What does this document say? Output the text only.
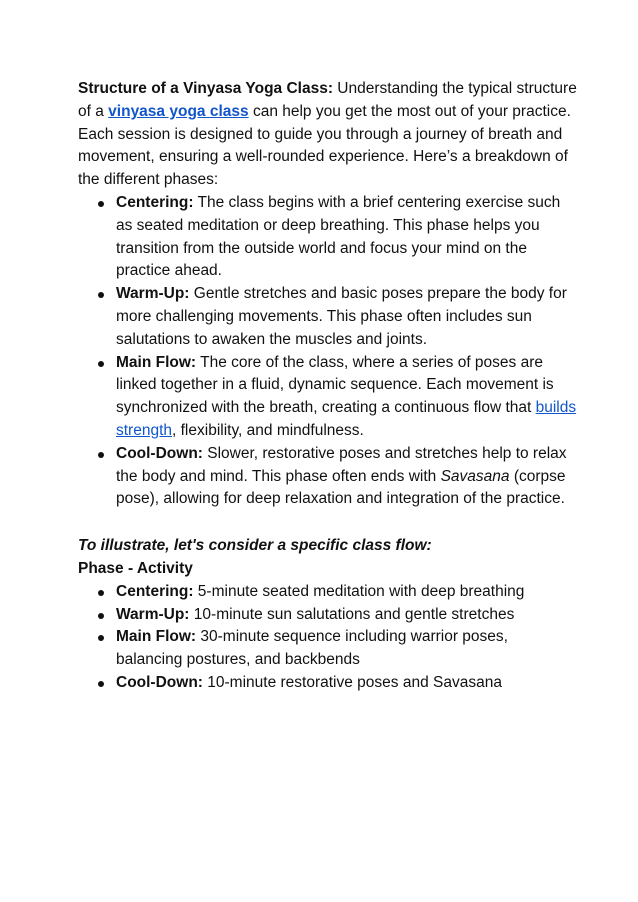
Structure of a Vinyasa Yoga Class: Understanding the typical structure of a vinyasa yoga class can help you get the most out of your practice. Each session is designed to guide you through a journey of breath and movement, ensuring a well-rounded experience. Here’s a breakdown of the different phases:

Centering: The class begins with a brief centering exercise such as seated meditation or deep breathing. This phase helps you transition from the outside world and focus your mind on the practice ahead.
Warm-Up: Gentle stretches and basic poses prepare the body for more challenging movements. This phase often includes sun salutations to awaken the muscles and joints.
Main Flow: The core of the class, where a series of poses are linked together in a fluid, dynamic sequence. Each movement is synchronized with the breath, creating a continuous flow that builds strength, flexibility, and mindfulness.
Cool-Down: Slower, restorative poses and stretches help to relax the body and mind. This phase often ends with Savasana (corpse pose), allowing for deep relaxation and integration of the practice.

To illustrate, let's consider a specific class flow:

Phase - Activity

Centering: 5-minute seated meditation with deep breathing
Warm-Up: 10-minute sun salutations and gentle stretches
Main Flow: 30-minute sequence including warrior poses, balancing postures, and backbends
Cool-Down: 10-minute restorative poses and Savasana
